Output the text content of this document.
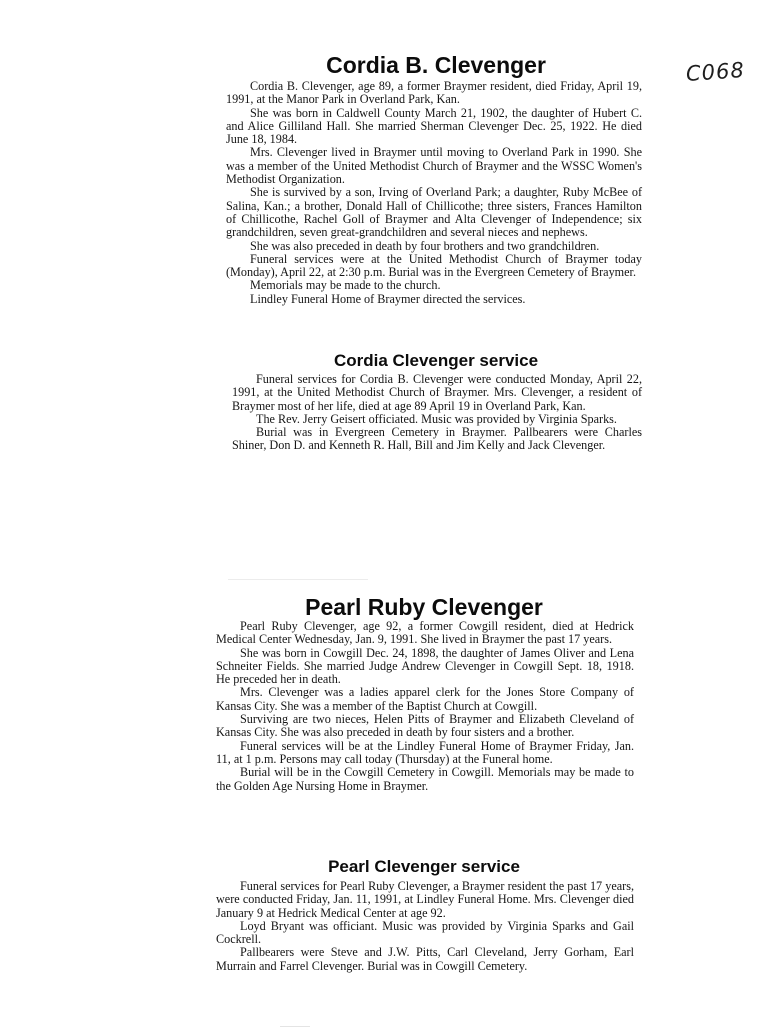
C068
Cordia B. Clevenger

Cordia B. Clevenger, age 89, a former Braymer resident, died Friday, April 19, 1991, at the Manor Park in Overland Park, Kan.

She was born in Caldwell County March 21, 1902, the daughter of Hubert C. and Alice Gilliland Hall. She married Sherman Clevenger Dec. 25, 1922. He died June 18, 1984.

Mrs. Clevenger lived in Braymer until moving to Overland Park in 1990. She was a member of the United Methodist Church of Braymer and the WSSC Women's Methodist Organization.

She is survived by a son, Irving of Overland Park; a daughter, Ruby McBee of Salina, Kan.; a brother, Donald Hall of Chillicothe; three sisters, Frances Hamilton of Chillicothe, Rachel Goll of Braymer and Alta Clevenger of Independence; six grandchildren, seven great-grandchildren and several nieces and nephews.

She was also preceded in death by four brothers and two grandchildren.

Funeral services were at the United Methodist Church of Braymer today (Monday), April 22, at 2:30 p.m. Burial was in the Evergreen Cemetery of Braymer.

Memorials may be made to the church.

Lindley Funeral Home of Braymer directed the services.

Cordia Clevenger service

Funeral services for Cordia B. Clevenger were conducted Monday, April 22, 1991, at the United Methodist Church of Braymer. Mrs. Clevenger, a resident of Braymer most of her life, died at age 89 April 19 in Overland Park, Kan.

The Rev. Jerry Geisert officiated. Music was provided by Virginia Sparks.

Burial was in Evergreen Cemetery in Braymer. Pallbearers were Charles Shiner, Don D. and Kenneth R. Hall, Bill and Jim Kelly and Jack Clevenger.

Pearl Ruby Clevenger

Pearl Ruby Clevenger, age 92, a former Cowgill resident, died at Hedrick Medical Center Wednesday, Jan. 9, 1991. She lived in Braymer the past 17 years.

She was born in Cowgill Dec. 24, 1898, the daughter of James Oliver and Lena Schneiter Fields. She married Judge Andrew Clevenger in Cowgill Sept. 18, 1918. He preceded her in death.

Mrs. Clevenger was a ladies apparel clerk for the Jones Store Company of Kansas City. She was a member of the Baptist Church at Cowgill.

Surviving are two nieces, Helen Pitts of Braymer and Elizabeth Cleveland of Kansas City. She was also preceded in death by four sisters and a brother.

Funeral services will be at the Lindley Funeral Home of Braymer Friday, Jan. 11, at 1 p.m. Persons may call today (Thursday) at the Funeral home.

Burial will be in the Cowgill Cemetery in Cowgill. Memorials may be made to the Golden Age Nursing Home in Braymer.

Pearl Clevenger service

Funeral services for Pearl Ruby Clevenger, a Braymer resident the past 17 years, were conducted Friday, Jan. 11, 1991, at Lindley Funeral Home. Mrs. Clevenger died January 9 at Hedrick Medical Center at age 92.

Loyd Bryant was officiant. Music was provided by Virginia Sparks and Gail Cockrell.

Pallbearers were Steve and J.W. Pitts, Carl Cleveland, Jerry Gorham, Earl Murrain and Farrel Clevenger. Burial was in Cowgill Cemetery.
